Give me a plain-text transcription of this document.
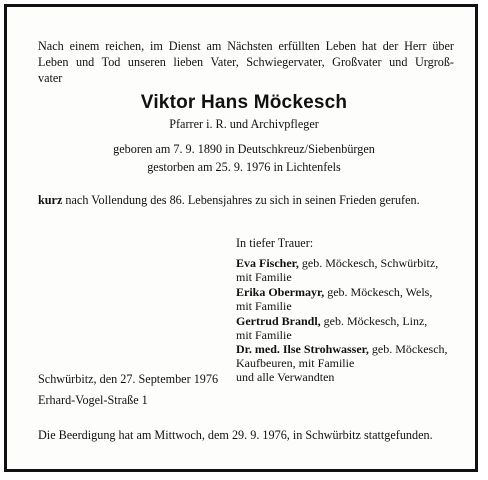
Nach einem reichen, im Dienst am Nächsten erfüllten Leben hat der Herr über
Leben und Tod unseren lieben Vater, Schwiegervater, Großvater und Urgroß-
vater
Viktor Hans Möckesch
Pfarrer i. R. und Archivpfleger
geboren am 7. 9. 1890 in Deutschkreuz/Siebenbürgen
gestorben am 25. 9. 1976 in Lichtenfels
kurz nach Vollendung des 86. Lebensjahres zu sich in seinen Frieden gerufen.
In tiefer Trauer:
Eva Fischer, geb. Möckesch, Schwürbitz,
mit Familie
Erika Obermayr, geb. Möckesch, Wels,
mit Familie
Gertrud Brandl, geb. Möckesch, Linz,
mit Familie
Dr. med. Ilse Strohwasser, geb. Möckesch,
Kaufbeuren, mit Familie
und alle Verwandten
Schwürbitz, den 27. September 1976
Erhard-Vogel-Straße 1
Die Beerdigung hat am Mittwoch, dem 29. 9. 1976, in Schwürbitz stattgefunden.
